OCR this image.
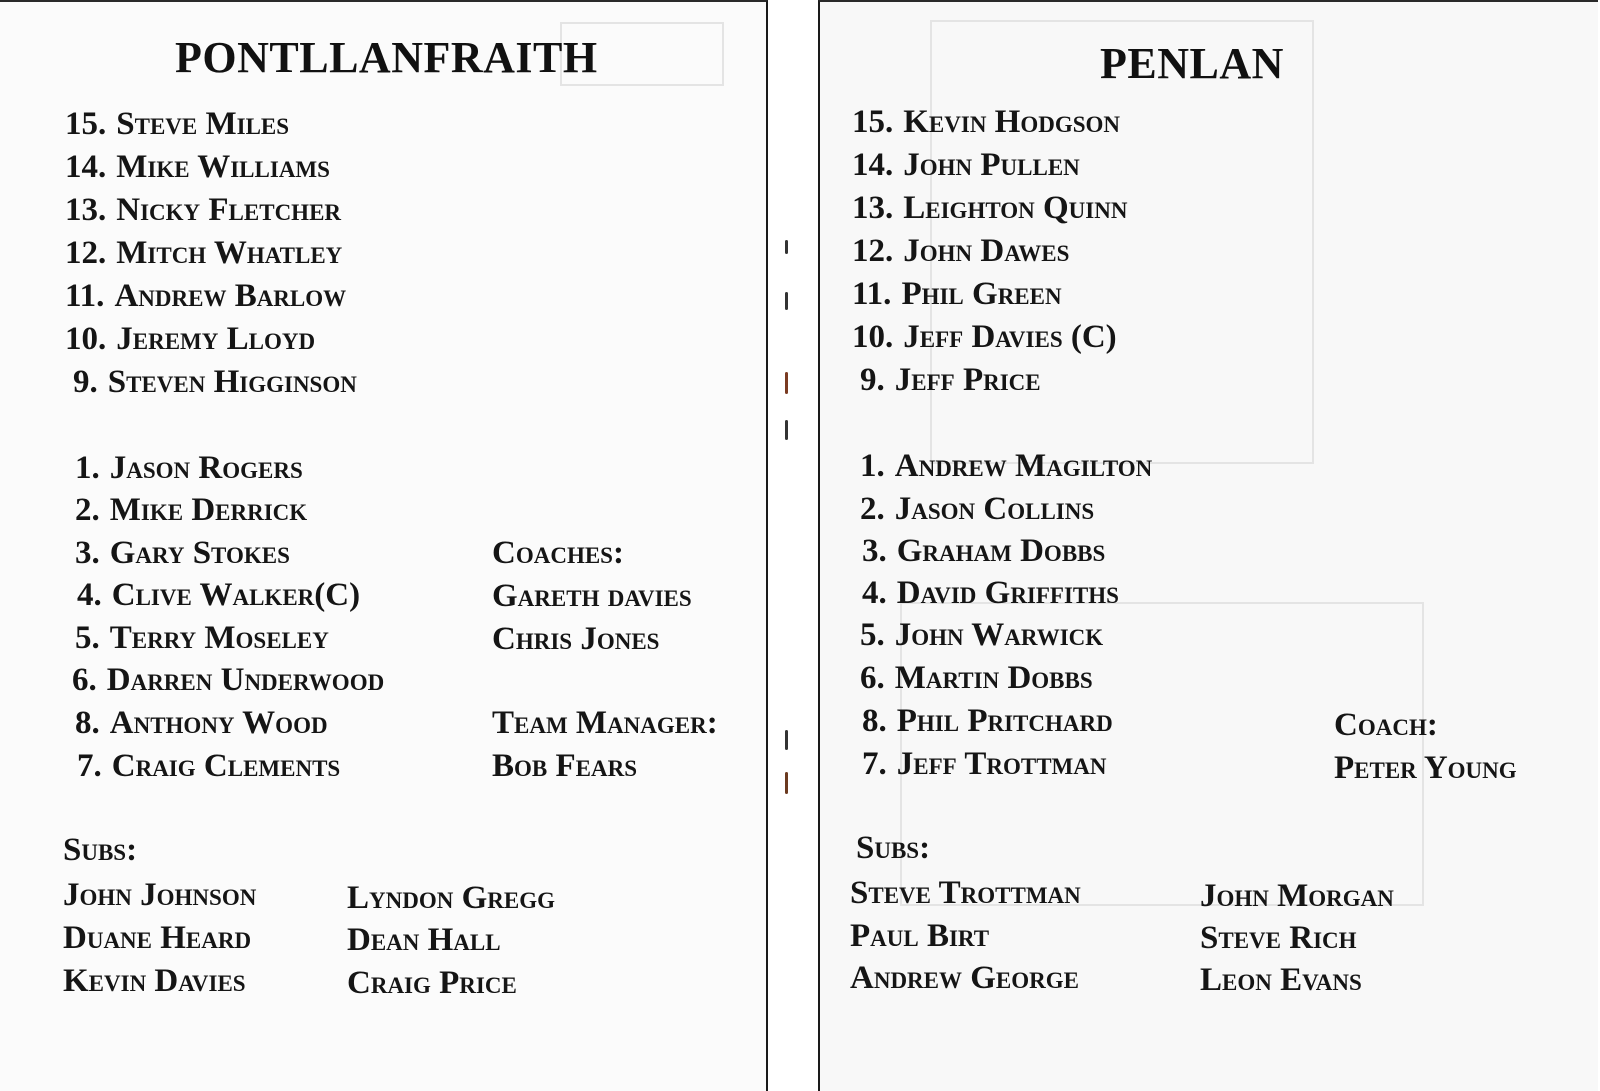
PONTLLANFRAITH
15. Steve Miles
14. Mike Williams
13. Nicky Fletcher
12. Mitch Whatley
11. Andrew Barlow
10. Jeremy Lloyd
9. Steven Higginson
1. Jason Rogers
2. Mike Derrick
3. Gary Stokes
4. Clive Walker(C)
5. Terry Moseley
6. Darren Underwood
8. Anthony Wood
7. Craig Clements
Coaches:
Gareth davies
Chris Jones
Team Manager:
Bob Fears
Subs:
John Johnson	Lyndon Gregg
Duane Heard	Dean Hall
Kevin Davies	Craig Price
PENLAN
15. Kevin Hodgson
14. John Pullen
13. Leighton Quinn
12. John Dawes
11. Phil Green
10. Jeff Davies (C)
9. Jeff Price
1. Andrew Magilton
2. Jason Collins
3. Graham Dobbs
4. David Griffiths
5. John Warwick
6. Martin Dobbs
8. Phil Pritchard
7. Jeff Trottman
Coach:
Peter Young
Subs:
Steve Trottman	John Morgan
Paul Birt	Steve Rich
Andrew George	Leon Evans
